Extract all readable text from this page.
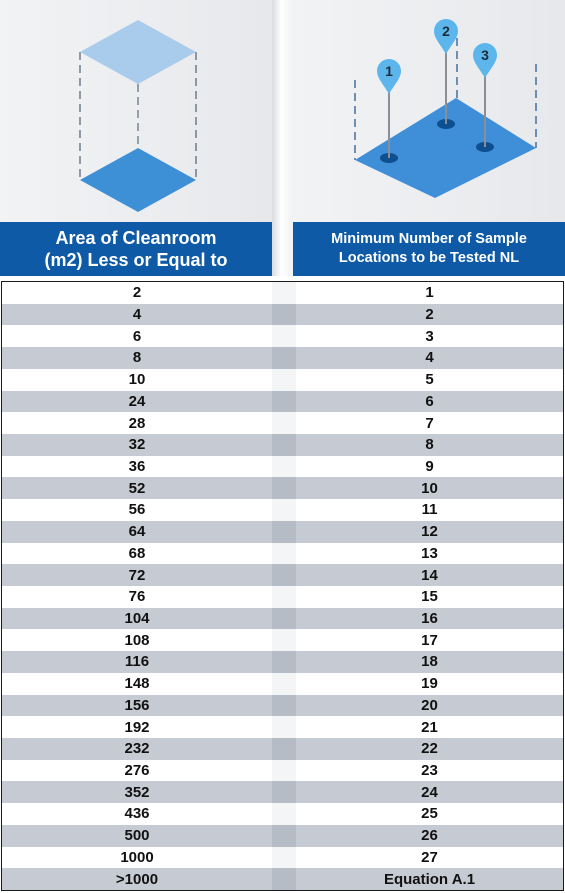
1
2
3
Area of Cleanroom
(m2) Less or Equal to
Minimum Number of Sample
Locations to be Tested NL
2	1
4	2
6	3
8	4
10	5
24	6
28	7
32	8
36	9
52	10
56	11
64	12
68	13
72	14
76	15
104	16
108	17
116	18
148	19
156	20
192	21
232	22
276	23
352	24
436	25
500	26
1000	27
>1000	Equation A.1
